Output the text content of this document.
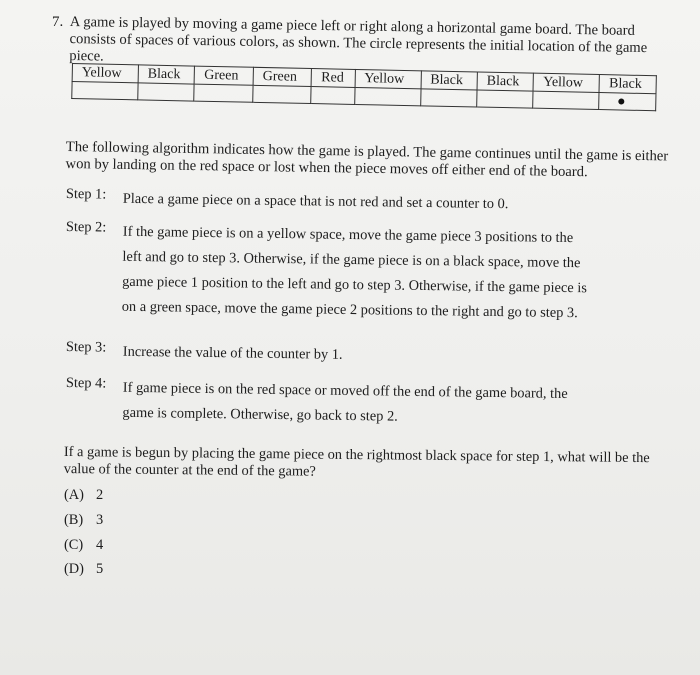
7. A game is played by moving a game piece left or right along a horizontal game board. The board consists of spaces of various colors, as shown. The circle represents the initial location of the game piece.
Yellow	Black	Green	Green	Red	Yellow	Black	Black	Yellow	Black

The following algorithm indicates how the game is played. The game continues until the game is either won by landing on the red space or lost when the piece moves off either end of the board.
Step 1:	Place a game piece on a space that is not red and set a counter to 0.
Step 2:	If the game piece is on a yellow space, move the game piece 3 positions to the left and go to step 3. Otherwise, if the game piece is on a black space, move the game piece 1 position to the left and go to step 3. Otherwise, if the game piece is on a green space, move the game piece 2 positions to the right and go to step 3.
Step 3:	Increase the value of the counter by 1.
Step 4:	If game piece is on the red space or moved off the end of the game board, the game is complete. Otherwise, go back to step 2.
If a game is begun by placing the game piece on the rightmost black space for step 1, what will be the value of the counter at the end of the game?
(A) 2
(B) 3
(C) 4
(D) 5
